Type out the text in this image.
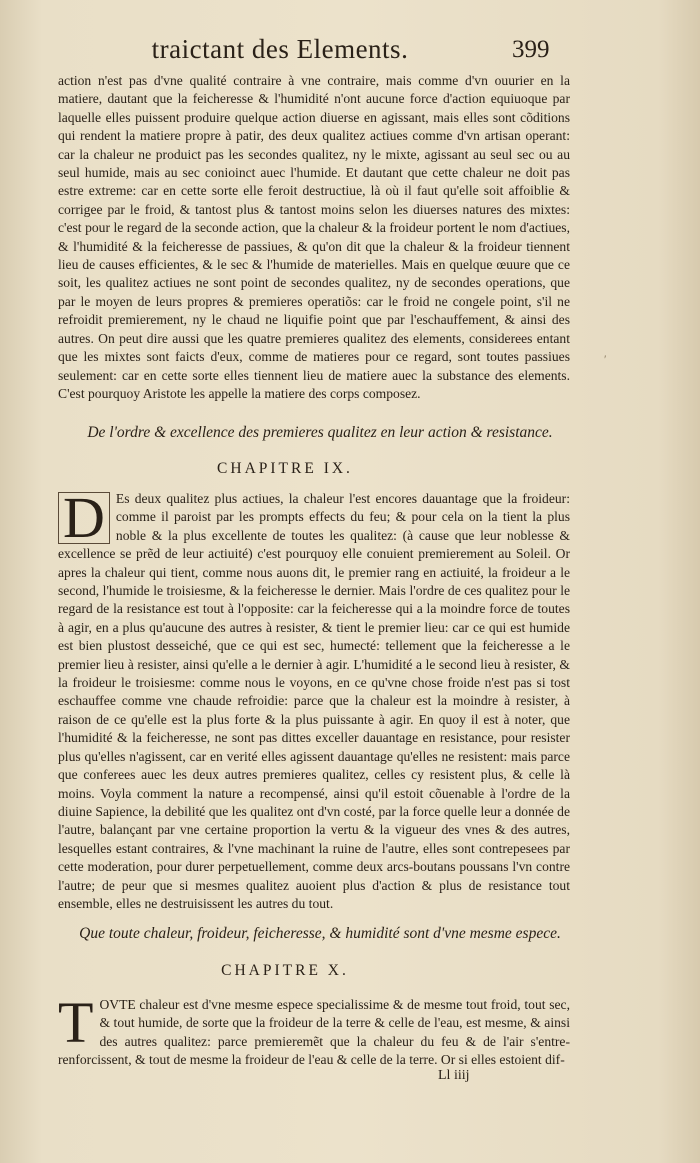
traictant des Elements.	399
action n'est pas d'vne qualité contraire à vne contraire, mais comme d'vn ouurier en la matiere, dautant que la feicheresse & l'humidité n'ont aucune force d'action equiuoque par laquelle elles puissent produire quelque action diuerse en agissant, mais elles sont cõditions qui rendent la matiere propre à patir, des deux qualitez actiues comme d'vn artisan operant: car la chaleur ne produict pas les secondes qualitez, ny le mixte, agissant au seul sec ou au seul humide, mais au sec conioinct auec l'humide. Et dautant que cette chaleur ne doit pas estre extreme: car en cette sorte elle feroit destructiue, là où il faut qu'elle soit affoiblie & corrigee par le froid, & tantost plus & tantost moins selon les diuerses natures des mixtes: c'est pour le regard de la seconde action, que la chaleur & la froideur portent le nom d'actiues, & l'humidité & la feicheresse de passiues, & qu'on dit que la chaleur & la froideur tiennent lieu de causes efficientes, & le sec & l'humide de materielles. Mais en quelque œuure que ce soit, les qualitez actiues ne sont point de secondes qualitez, ny de secondes operations, que par le moyen de leurs propres & premieres operatiõs: car le froid ne congele point, s'il ne refroidit premierement, ny le chaud ne liquifie point que par l'eschauffement, & ainsi des autres. On peut dire aussi que les quatre premieres qualitez des elements, considerees entant que les mixtes sont faicts d'eux, comme de matieres pour ce regard, sont toutes passiues seulement: car en cette sorte elles tiennent lieu de matiere auec la substance des elements. C'est pourquoy Aristote les appelle la matiere des corps composez.
′
De l'ordre & excellence des premieres qualitez en leur action & resistance.
CHAPITRE IX.
D Es deux qualitez plus actiues, la chaleur l'est encores dauantage que la froideur: comme il paroist par les prompts effects du feu; & pour cela on la tient la plus noble & la plus excellente de toutes les qualitez: (à cause que leur noblesse & excellence se prẽd de leur actiuité) c'est pourquoy elle conuient premierement au Soleil. Or apres la chaleur qui tient, comme nous auons dit, le premier rang en actiuité, la froideur a le second, l'humide le troisiesme, & la feicheresse le dernier. Mais l'ordre de ces qualitez pour le regard de la resistance est tout à l'opposite: car la feicheresse qui a la moindre force de toutes à agir, en a plus qu'aucune des autres à resister, & tient le premier lieu: car ce qui est humide est bien plustost desseiché, que ce qui est sec, humecté: tellement que la feicheresse a le premier lieu à resister, ainsi qu'elle a le dernier à agir. L'humidité a le second lieu à resister, & la froideur le troisiesme: comme nous le voyons, en ce qu'vne chose froide n'est pas si tost eschauffee comme vne chaude refroidie: parce que la chaleur est la moindre à resister, à raison de ce qu'elle est la plus forte & la plus puissante à agir. En quoy il est à noter, que l'humidité & la feicheresse, ne sont pas dittes exceller dauantage en resistance, pour resister plus qu'elles n'agissent, car en verité elles agissent dauantage qu'elles ne resistent: mais parce que conferees auec les deux autres premieres qualitez, celles cy resistent plus, & celle là moins. Voyla comment la nature a recompensé, ainsi qu'il estoit cõuenable à l'ordre de la diuine Sapience, la debilité que les qualitez ont d'vn costé, par la force quelle leur a donnée de l'autre, balançant par vne certaine proportion la vertu & la vigueur des vnes & des autres, lesquelles estant contraires, & l'vne machinant la ruine de l'autre, elles sont contrepesees par cette moderation, pour durer perpetuellement, comme deux arcs-boutans poussans l'vn contre l'autre; de peur que si mesmes qualitez auoient plus d'action & plus de resistance tout ensemble, elles ne destruisissent les autres du tout.
Que toute chaleur, froideur, feicheresse, & humidité sont d'vne mesme espece.
CHAPITRE X.
TOVTE chaleur est d'vne mesme espece specialissime & de mesme tout froid, tout sec, & tout humide, de sorte que la froideur de la terre & celle de l'eau, est mesme, & ainsi des autres qualitez: parce premieremẽt que la chaleur du feu & de l'air s'entre-renforcissent, & tout de mesme la froideur de l'eau & celle de la terre. Or si elles estoient dif-
Ll iiij
